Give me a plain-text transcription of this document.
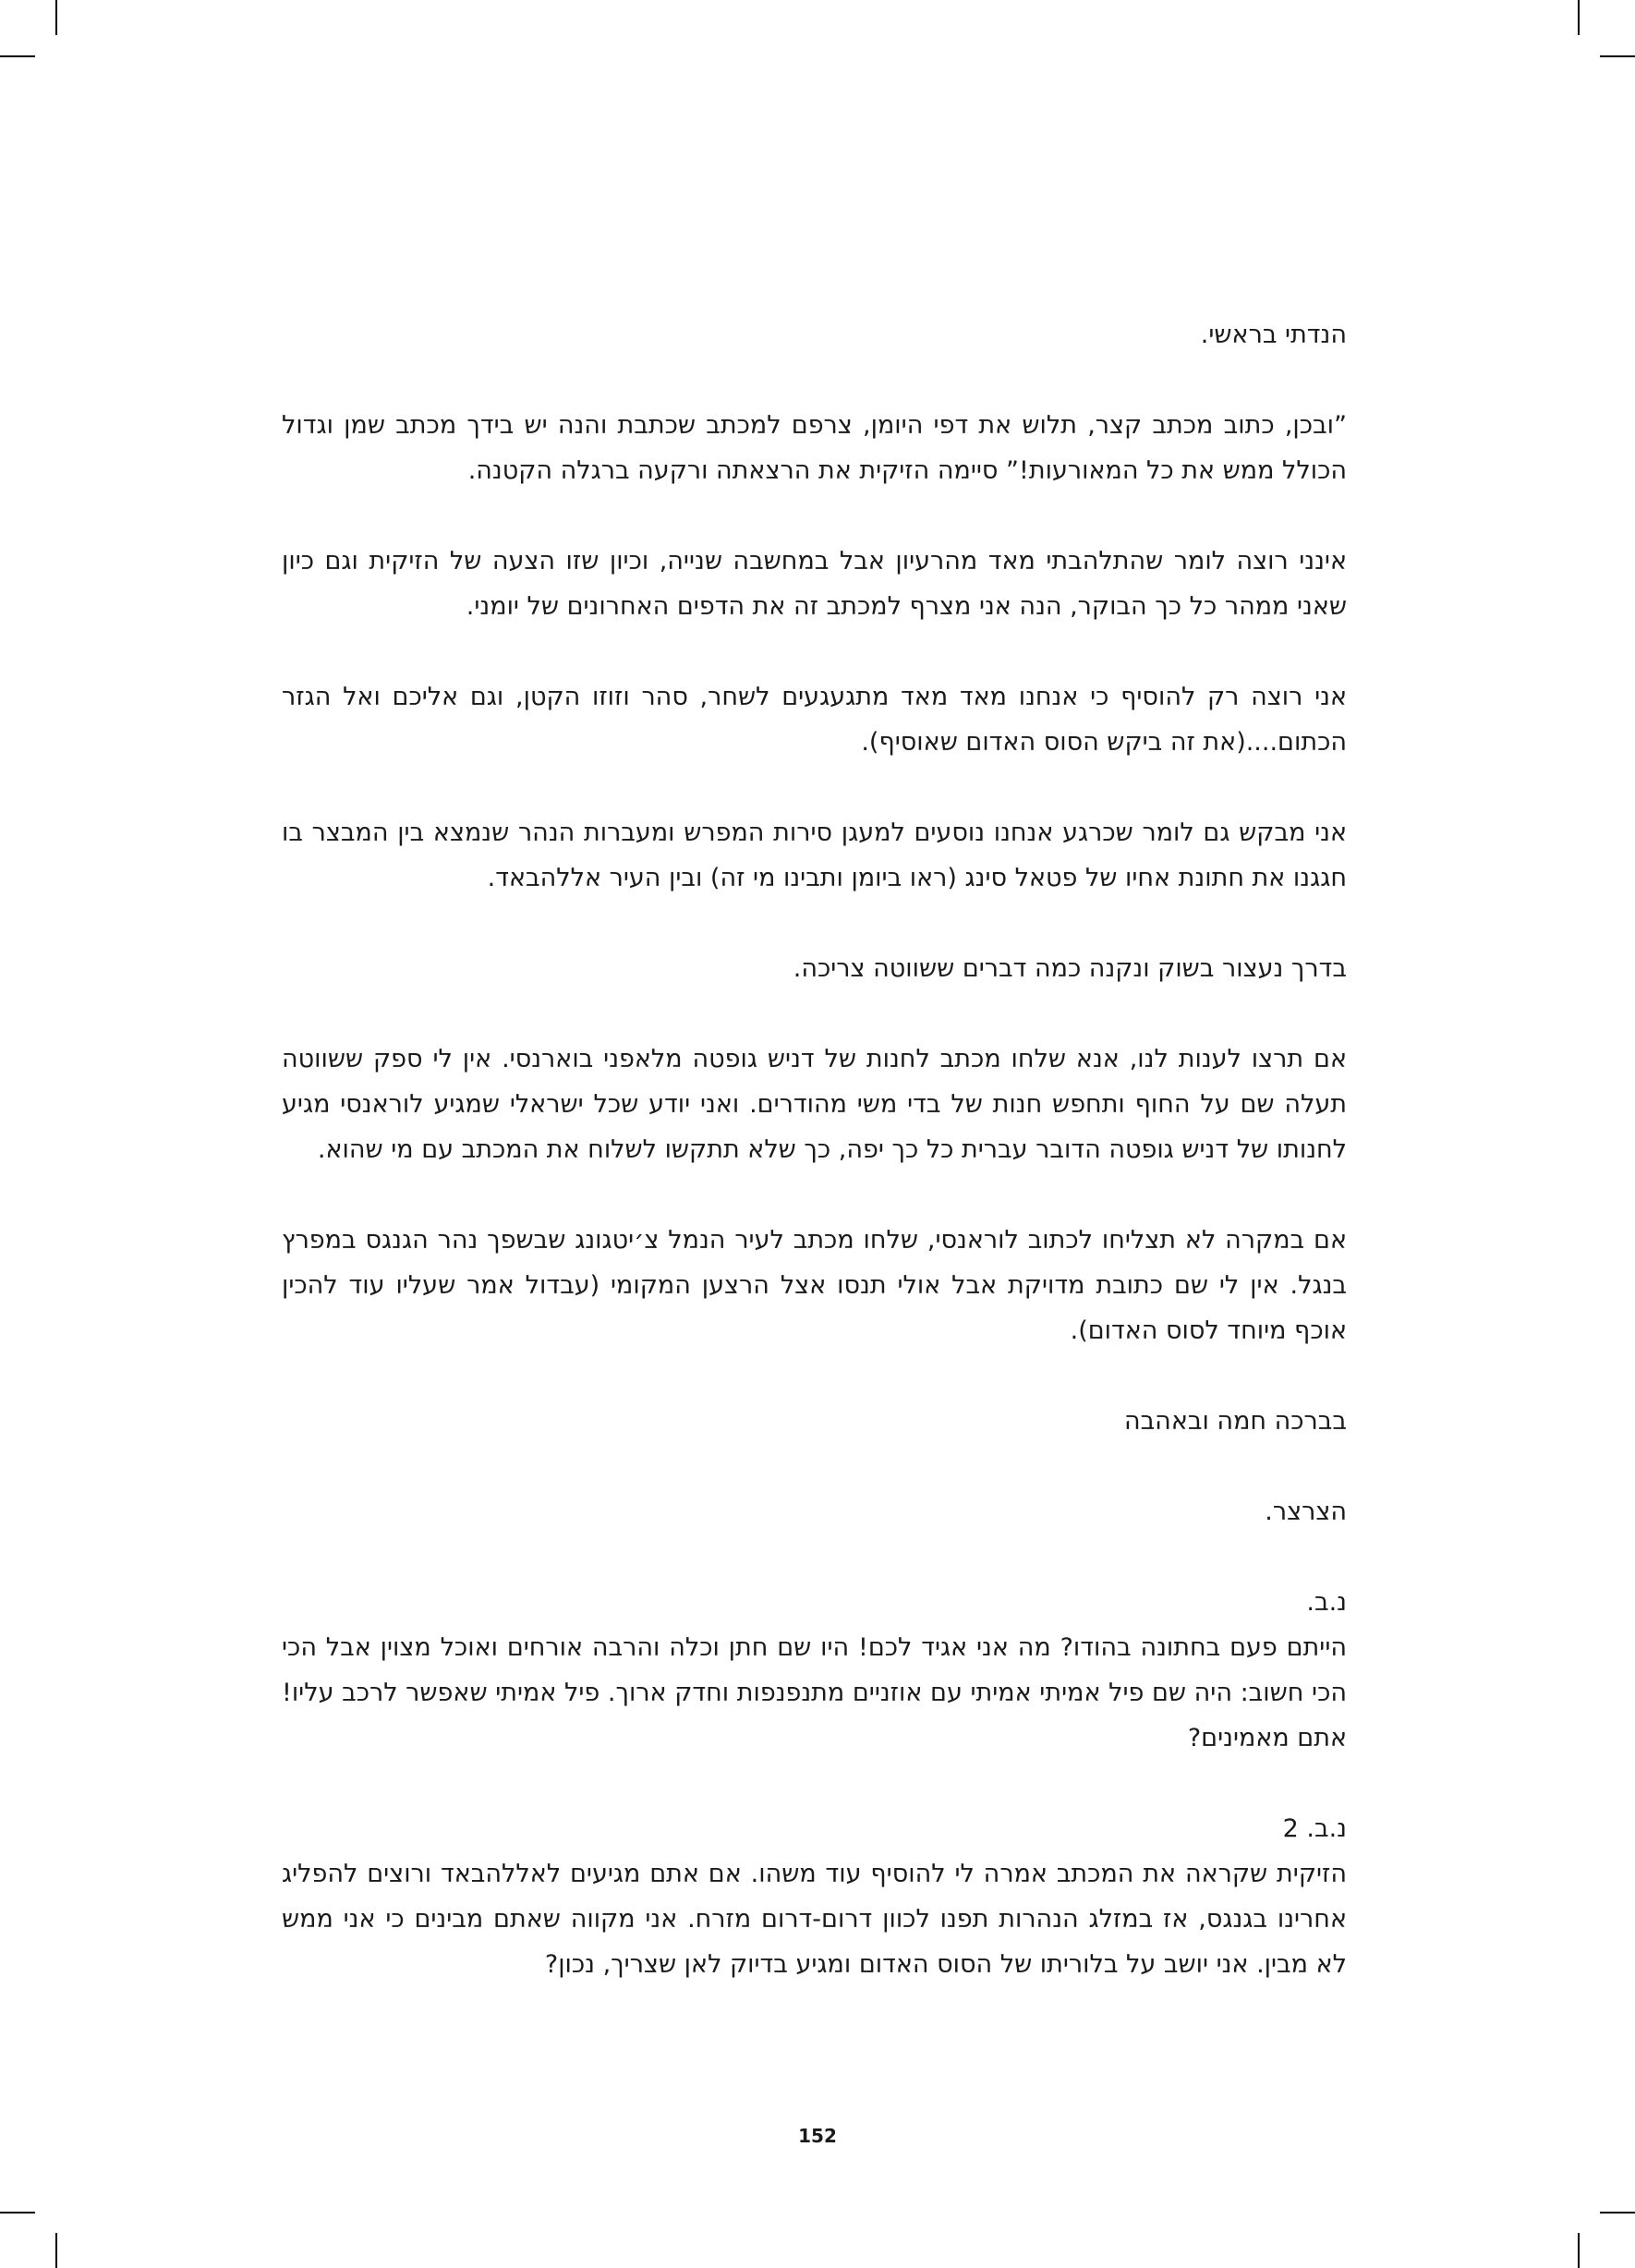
הנדתי בראשי.

”ובכן, כתוב מכתב קצר, תלוש את דפי היומן, צרפם למכתב שכתבת והנה יש בידך מכתב שמן וגדול הכולל ממש את כל המאורעות!” סיימה הזיקית את הרצאתה ורקעה ברגלה הקטנה.

אינני רוצה לומר שהתלהבתי מאד מהרעיון אבל במחשבה שנייה, וכיון שזו הצעה של הזיקית וגם כיון שאני ממהר כל כך הבוקר, הנה אני מצרף למכתב זה את הדפים האחרונים של יומני.

אני רוצה רק להוסיף כי אנחנו מאד מאד מתגעגעים לשחר, סהר וזוזו הקטן, וגם אליכם ואל הגזר הכתום....(את זה ביקש הסוס האדום שאוסיף).

אני מבקש גם לומר שכרגע אנחנו נוסעים למעגן סירות המפרש ומעברות הנהר שנמצא בין המבצר בו חגגנו את חתונת אחיו של פטאל סינג (ראו ביומן ותבינו מי זה) ובין העיר אללהבאד.

בדרך נעצור בשוק ונקנה כמה דברים ששווטה צריכה.

אם תרצו לענות לנו, אנא שלחו מכתב לחנות של דניש גופטה מלאפני בוארנסי. אין לי ספק ששווטה תעלה שם על החוף ותחפש חנות של בדי משי מהודרים. ואני יודע שכל ישראלי שמגיע לוראנסי מגיע לחנותו של דניש גופטה הדובר עברית כל כך יפה, כך שלא תתקשו לשלוח את המכתב עם מי שהוא.

אם במקרה לא תצליחו לכתוב לוראנסי, שלחו מכתב לעיר הנמל צ׳יטגונג שבשפך נהר הגנגס במפרץ בנגל. אין לי שם כתובת מדויקת אבל אולי תנסו אצל הרצען המקומי (עבדול אמר שעליו עוד להכין אוכף מיוחד לסוס האדום).

בברכה חמה ובאהבה

הצרצר.

נ.ב.

הייתם פעם בחתונה בהודו? מה אני אגיד לכם! היו שם חתן וכלה והרבה אורחים ואוכל מצוין אבל הכי הכי חשוב: היה שם פיל אמיתי אמיתי עם אוזניים מתנפנפות וחדק ארוך. פיל אמיתי שאפשר לרכב עליו! אתם מאמינים?

נ.ב. 2

הזיקית שקראה את המכתב אמרה לי להוסיף עוד משהו. אם אתם מגיעים לאללהבאד ורוצים להפליג אחרינו בגנגס, אז במזלג הנהרות תפנו לכוון דרום-דרום מזרח. אני מקווה שאתם מבינים כי אני ממש לא מבין. אני יושב על בלוריתו של הסוס האדום ומגיע בדיוק לאן שצריך, נכון?

152
